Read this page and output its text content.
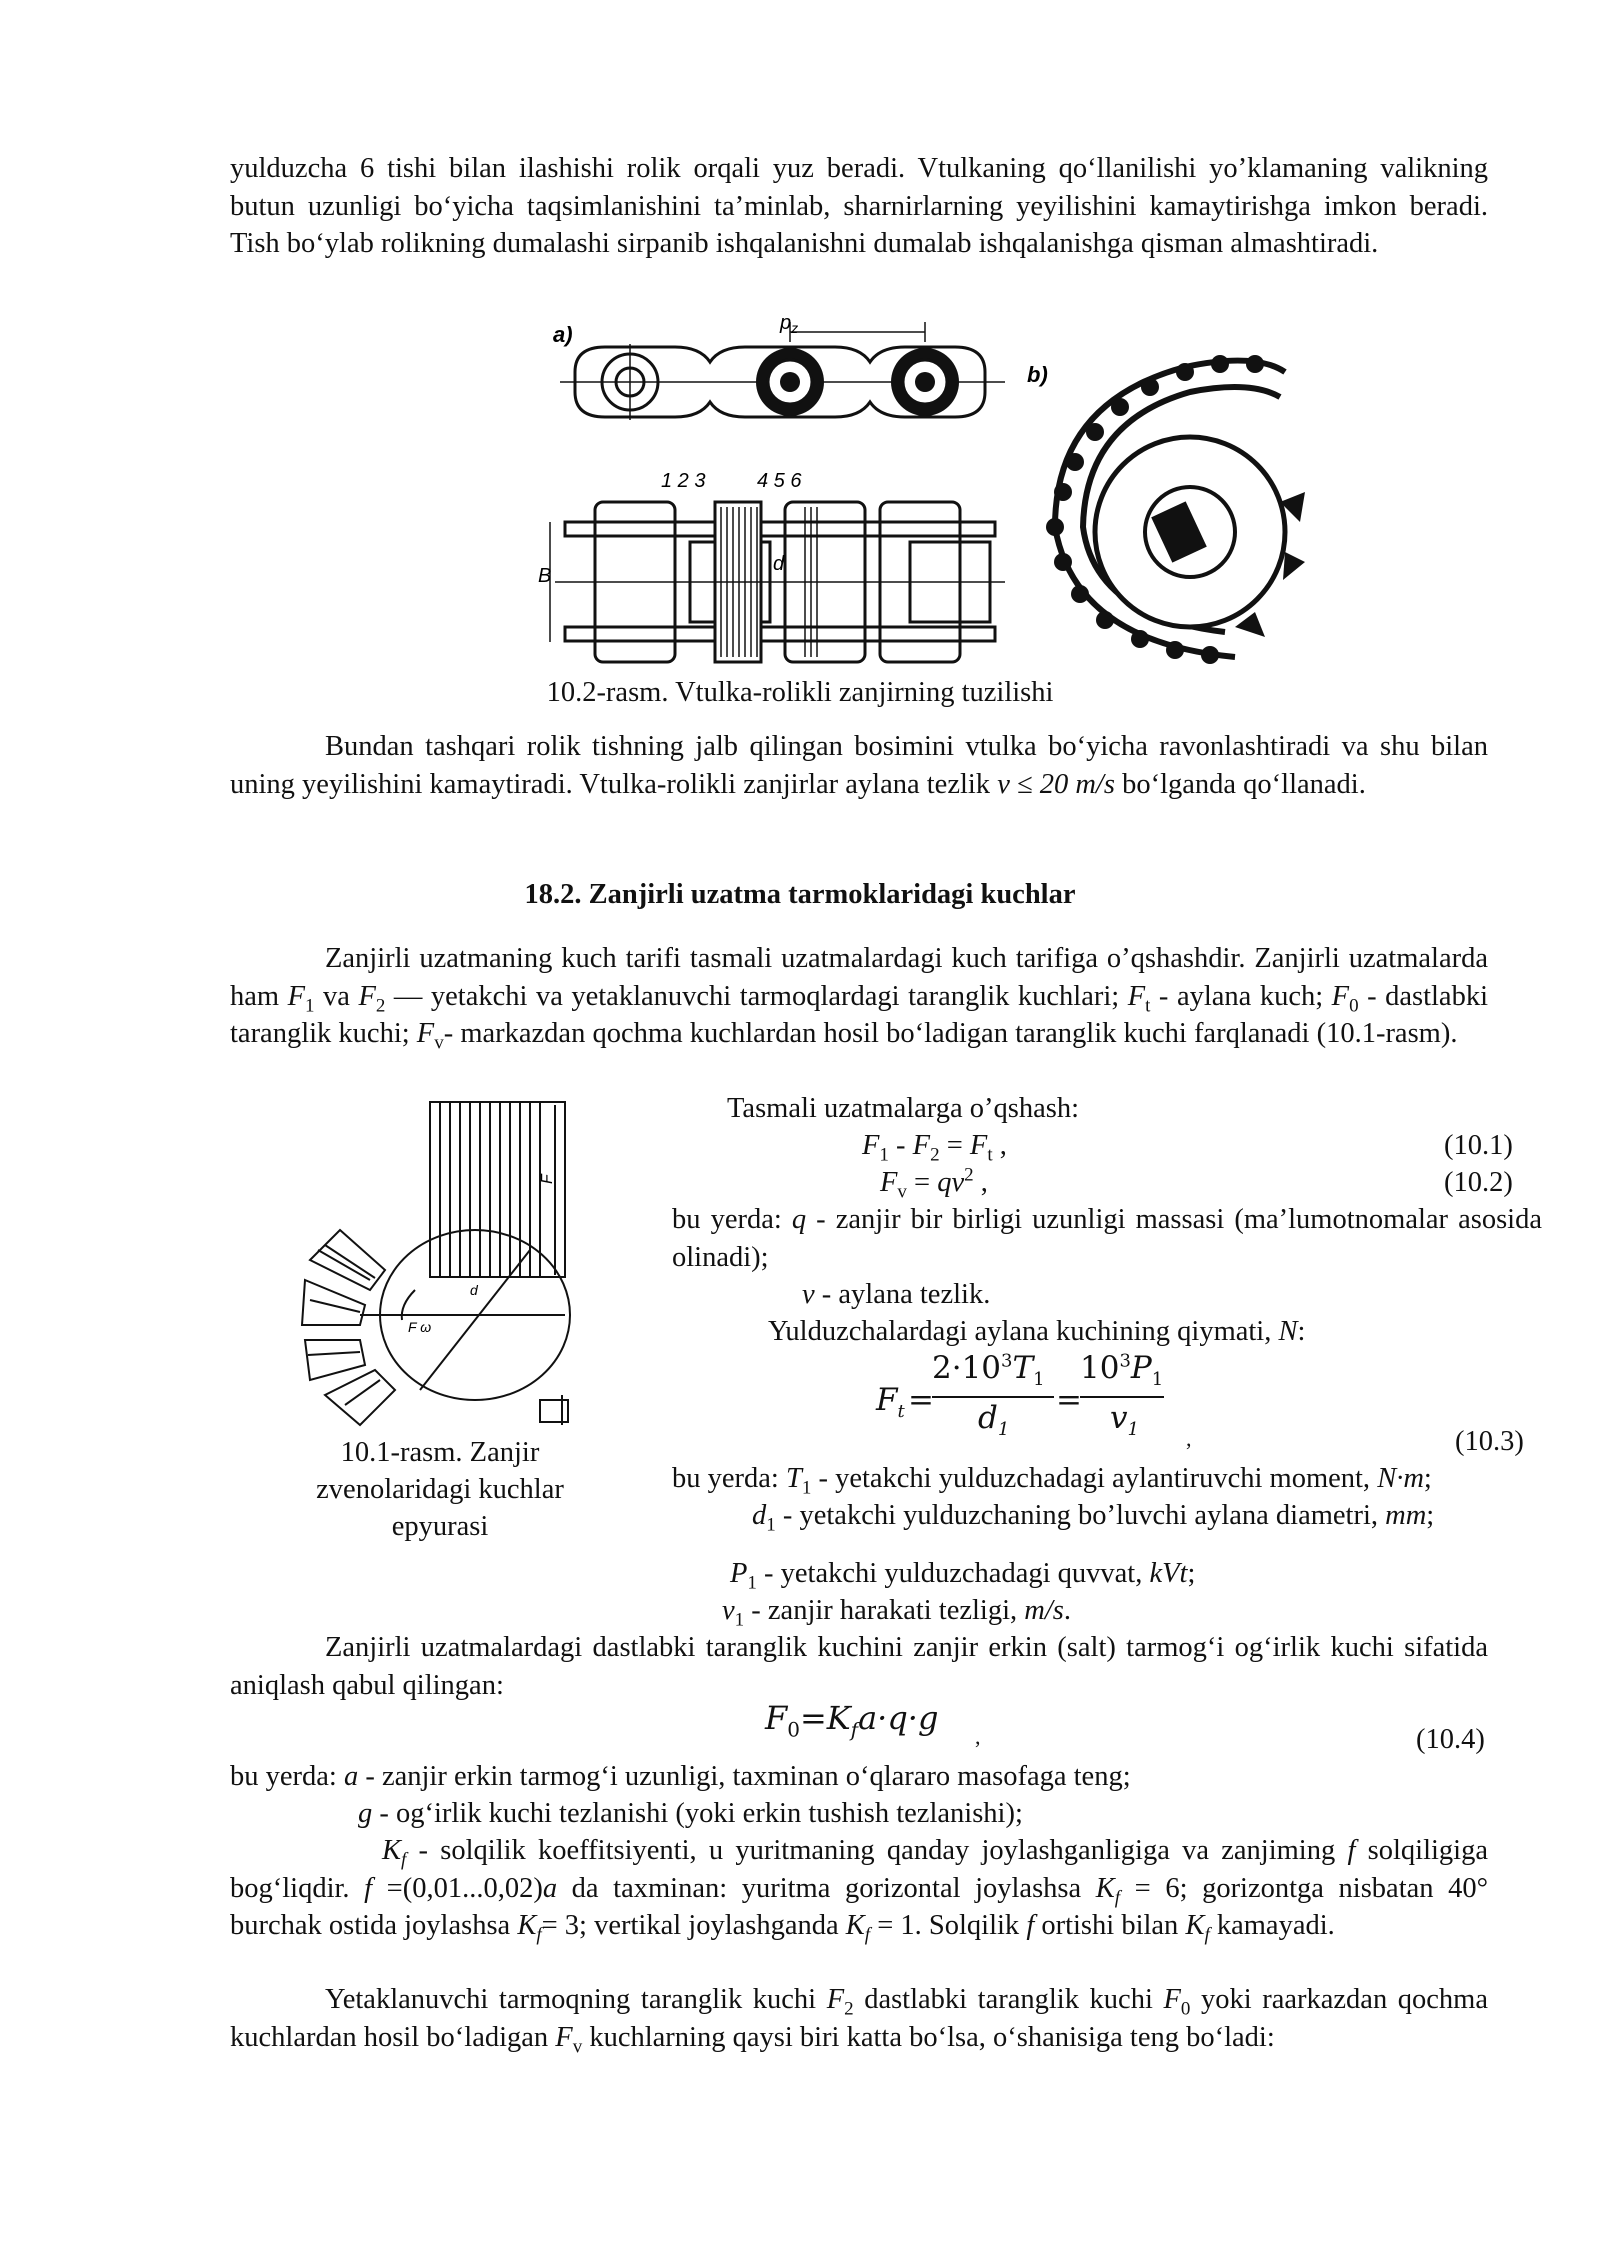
yulduzcha 6 tishi bilan ilashishi rolik orqali yuz beradi. Vtulkaning qo‘llanilishi yo’klamaning valikning butun uzunligi bo‘yicha taqsimlanishini ta’minlab, sharnirlarning yeyilishini kamaytirishga imkon beradi. Tish bo‘ylab rolikning dumalashi sirpanib ishqalanishni dumalab ishqalanishga qisman almashtiradi.

a)	$p_z$
1 2 3	4 5 6
B
d
b)
10.2-rasm. Vtulka-rolikli zanjirning tuzilishi

Bundan tashqari rolik tishning jalb qilingan bosimini vtulka bo‘yicha ravonlashtiradi va shu bilan uning yeyilishini kamaytiradi. Vtulka-rolikli zanjirlar aylana tezlik v ≤ 20 m/s bo‘lganda qo‘llanadi.

18.2. Zanjirli uzatma tarmoklaridagi kuchlar

Zanjirli uzatmaning kuch tarifi tasmali uzatmalardagi kuch tarifiga o’qshashdir. Zanjirli uzatmalarda ham $F_1$ va $F_2$ — yetakchi va yetaklanuvchi tarmoqlardagi taranglik kuchlari; $F_t$ - aylana kuch; $F_0$ - dastlabki taranglik kuchi; $F_v-$ markazdan qochma kuchlardan hosil bo‘ladigan taranglik kuchi farqlanadi (10.1-rasm).

F
F ω
d
10.1-rasm. Zanjir
zvenolaridagi kuchlar
epyurasi
Tasmali uzatmalarga o’qshash:
$F_1 - F_2 = F_t$ ,	(10.1)
$F_v = qv^2$ ,	(10.2)

bu yerda: q - zanjir bir birligi uzunligi massasi (ma’lumotnomalar asosida olinadi);

v - aylana tezlik.
Yulduzchalardagi aylana kuchining qiymati, N:
$F_t$ =
$2\cdot 10^3T_1$
$d_1$
=
$10^3P_1$
$v_1$ ,	(10.3)
bu yerda: $T_1$ - yetakchi yulduzchadagi aylantiruvchi moment, N·m;
$d_1$ - yetakchi yulduzchaning bo’luvchi aylana diametri, mm;
$P_1$ - yetakchi yulduzchadagi quvvat, kVt;
$v_1$ - zanjir harakati tezligi, m/s.

Zanjirli uzatmalardagi dastlabki taranglik kuchini zanjir erkin (salt) tarmog‘i og‘irlik kuchi sifatida aniqlash qabul qilingan:

$F_0=K_fa\cdot q\cdot g$ ,	(10.4)
bu yerda: a - zanjir erkin tarmog‘i uzunligi, taxminan o‘qlararo masofaga teng;
g - og‘irlik kuchi tezlanishi (yoki erkin tushish tezlanishi);

$K_f$ - solqilik koeffitsiyenti, u yuritmaning qanday joylashganligiga va zanjiming f solqiligiga bog‘liqdir. f =(0,01...0,02)a da taxminan: yuritma gorizontal joylashsa $K_f = 6$; gorizontga nisbatan 40° burchak ostida joylashsa $K_f= 3$; vertikal joylashganda $K_f = 1$. Solqilik f ortishi bilan $K_f$ kamayadi.

Yetaklanuvchi tarmoqning taranglik kuchi $F_2$ dastlabki taranglik kuchi $F_0$ yoki raarkazdan qochma kuchlardan hosil bo‘ladigan $F_v$ kuchlarning qaysi biri katta bo‘lsa, o‘shanisiga teng bo‘ladi:
